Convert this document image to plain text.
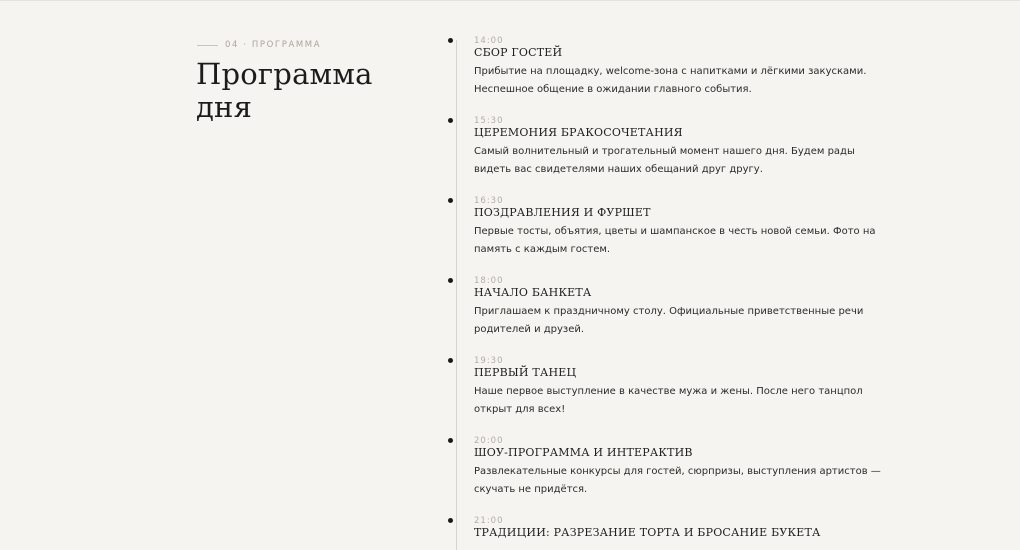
04 · ПРОГРАММА
Программа дня
14:00
СБОР ГОСТЕЙ

Прибытие на площадку, welcome-зона с напитками и лёгкими закусками. Неспешное общение в ожидании главного события.

15:30
ЦЕРЕМОНИЯ БРАКОСОЧЕТАНИЯ

Самый волнительный и трогательный момент нашего дня. Будем рады видеть вас свидетелями наших обещаний друг другу.

16:30
ПОЗДРАВЛЕНИЯ И ФУРШЕТ

Первые тосты, объятия, цветы и шампанское в честь новой семьи. Фото на память с каждым гостем.

18:00
НАЧАЛО БАНКЕТА

Приглашаем к праздничному столу. Официальные приветственные речи родителей и друзей.

19:30
ПЕРВЫЙ ТАНЕЦ

Наше первое выступление в качестве мужа и жены. После него танцпол открыт для всех!

20:00
ШОУ-ПРОГРАММА И ИНТЕРАКТИВ

Развлекательные конкурсы для гостей, сюрпризы, выступления артистов — скучать не придётся.

21:00
ТРАДИЦИИ: РАЗРЕЗАНИЕ ТОРТА И БРОСАНИЕ БУКЕТА
